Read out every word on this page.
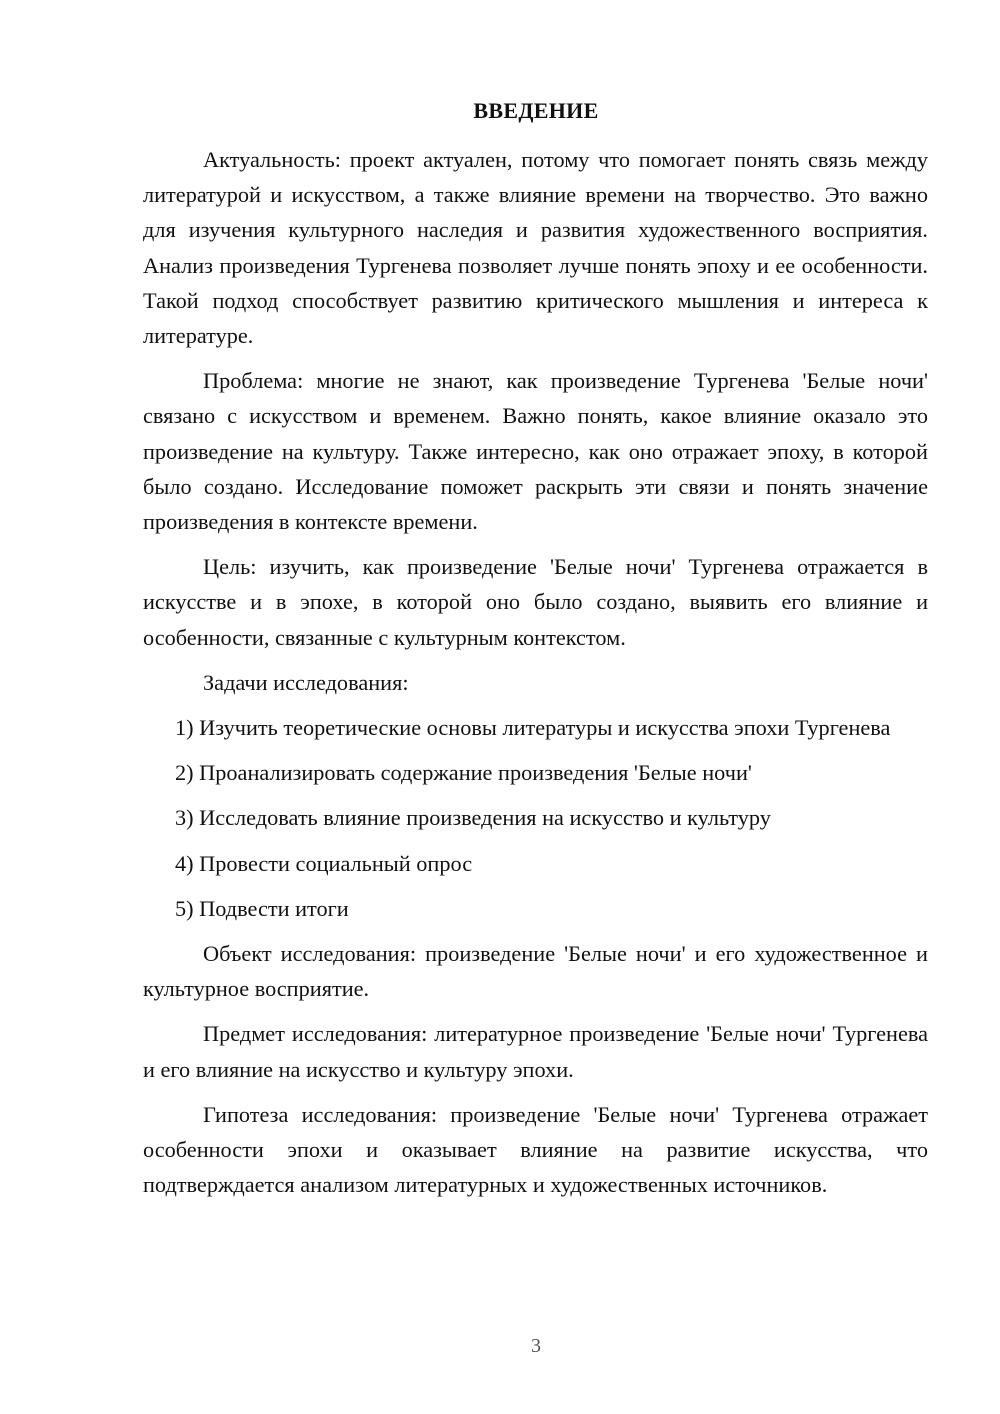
ВВЕДЕНИЕ

Актуальность: проект актуален, потому что помогает понять связь между литературой и искусством, а также влияние времени на творчество. Это важно для изучения культурного наследия и развития художественного восприятия. Анализ произведения Тургенева позволяет лучше понять эпоху и ее особенности. Такой подход способствует развитию критического мышления и интереса к литературе.

Проблема: многие не знают, как произведение Тургенева 'Белые ночи' связано с искусством и временем. Важно понять, какое влияние оказало это произведение на культуру. Также интересно, как оно отражает эпоху, в которой было создано. Исследование поможет раскрыть эти связи и понять значение произведения в контексте времени.

Цель: изучить, как произведение 'Белые ночи' Тургенева отражается в искусстве и в эпохе, в которой оно было создано, выявить его влияние и особенности, связанные с культурным контекстом.

Задачи исследования:

1) Изучить теоретические основы литературы и искусства эпохи Тургенева

2) Проанализировать содержание произведения 'Белые ночи'

3) Исследовать влияние произведения на искусство и культуру

4) Провести социальный опрос

5) Подвести итоги

Объект исследования: произведение 'Белые ночи' и его художественное и культурное восприятие.

Предмет исследования: литературное произведение 'Белые ночи' Тургенева и его влияние на искусство и культуру эпохи.

Гипотеза исследования: произведение 'Белые ночи' Тургенева отражает особенности эпохи и оказывает влияние на развитие искусства, что подтверждается анализом литературных и художественных источников.

3
